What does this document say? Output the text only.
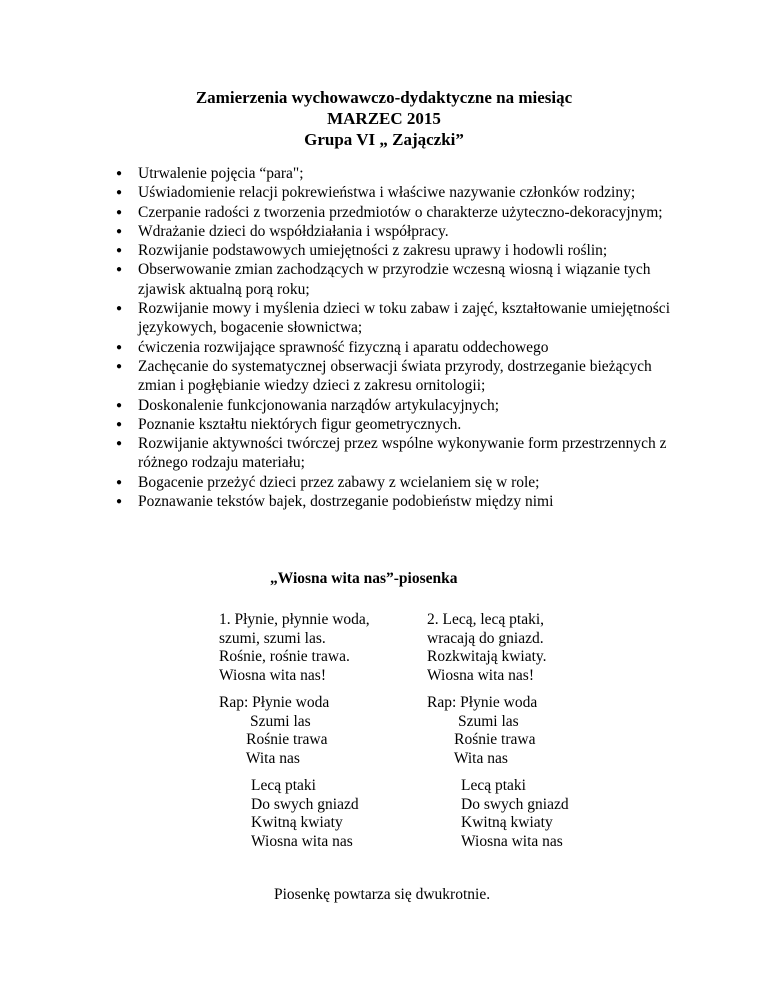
Zamierzenia wychowawczo-dydaktyczne na miesiąc
MARZEC 2015
Grupa VI „ Zajączki”
● Utrwalenie pojęcia “para";
● Uświadomienie relacji pokrewieństwa i właściwe nazywanie członków rodziny;
● Czerpanie radości z tworzenia przedmiotów o charakterze użyteczno-dekoracyjnym;
● Wdrażanie dzieci do współdziałania i współpracy.
● Rozwijanie podstawowych umiejętności z zakresu uprawy i hodowli roślin;
● Obserwowanie zmian zachodzących w przyrodzie wczesną wiosną i wiązanie tych zjawisk aktualną porą roku;
● Rozwijanie mowy i myślenia dzieci w toku zabaw i zajęć, kształtowanie umiejętności językowych, bogacenie słownictwa;
● ćwiczenia rozwijające sprawność fizyczną i aparatu oddechowego
● Zachęcanie do systematycznej obserwacji świata przyrody, dostrzeganie bieżących zmian i pogłębianie wiedzy dzieci z zakresu ornitologii;
● Doskonalenie funkcjonowania narządów artykulacyjnych;
● Poznanie kształtu niektórych figur geometrycznych.
● Rozwijanie aktywności twórczej przez wspólne wykonywanie form przestrzennych z różnego rodzaju materiału;
● Bogacenie przeżyć dzieci przez zabawy z wcielaniem się w role;
● Poznawanie tekstów bajek, dostrzeganie podobieństw między nimi
„Wiosna wita nas”-piosenka
1. Płynie, płynnie woda,
szumi, szumi las.
Rośnie, rośnie trawa.
Wiosna wita nas!
2. Lecą, lecą ptaki,
wracają do gniazd.
Rozkwitają kwiaty.
Wiosna wita nas!
Rap: Płynie woda
Szumi las
Rośnie trawa
Wita nas
Rap: Płynie woda
Szumi las
Rośnie trawa
Wita nas
Lecą ptaki
Do swych gniazd
Kwitną kwiaty
Wiosna wita nas
Lecą ptaki
Do swych gniazd
Kwitną kwiaty
Wiosna wita nas
Piosenkę powtarza się dwukrotnie.
